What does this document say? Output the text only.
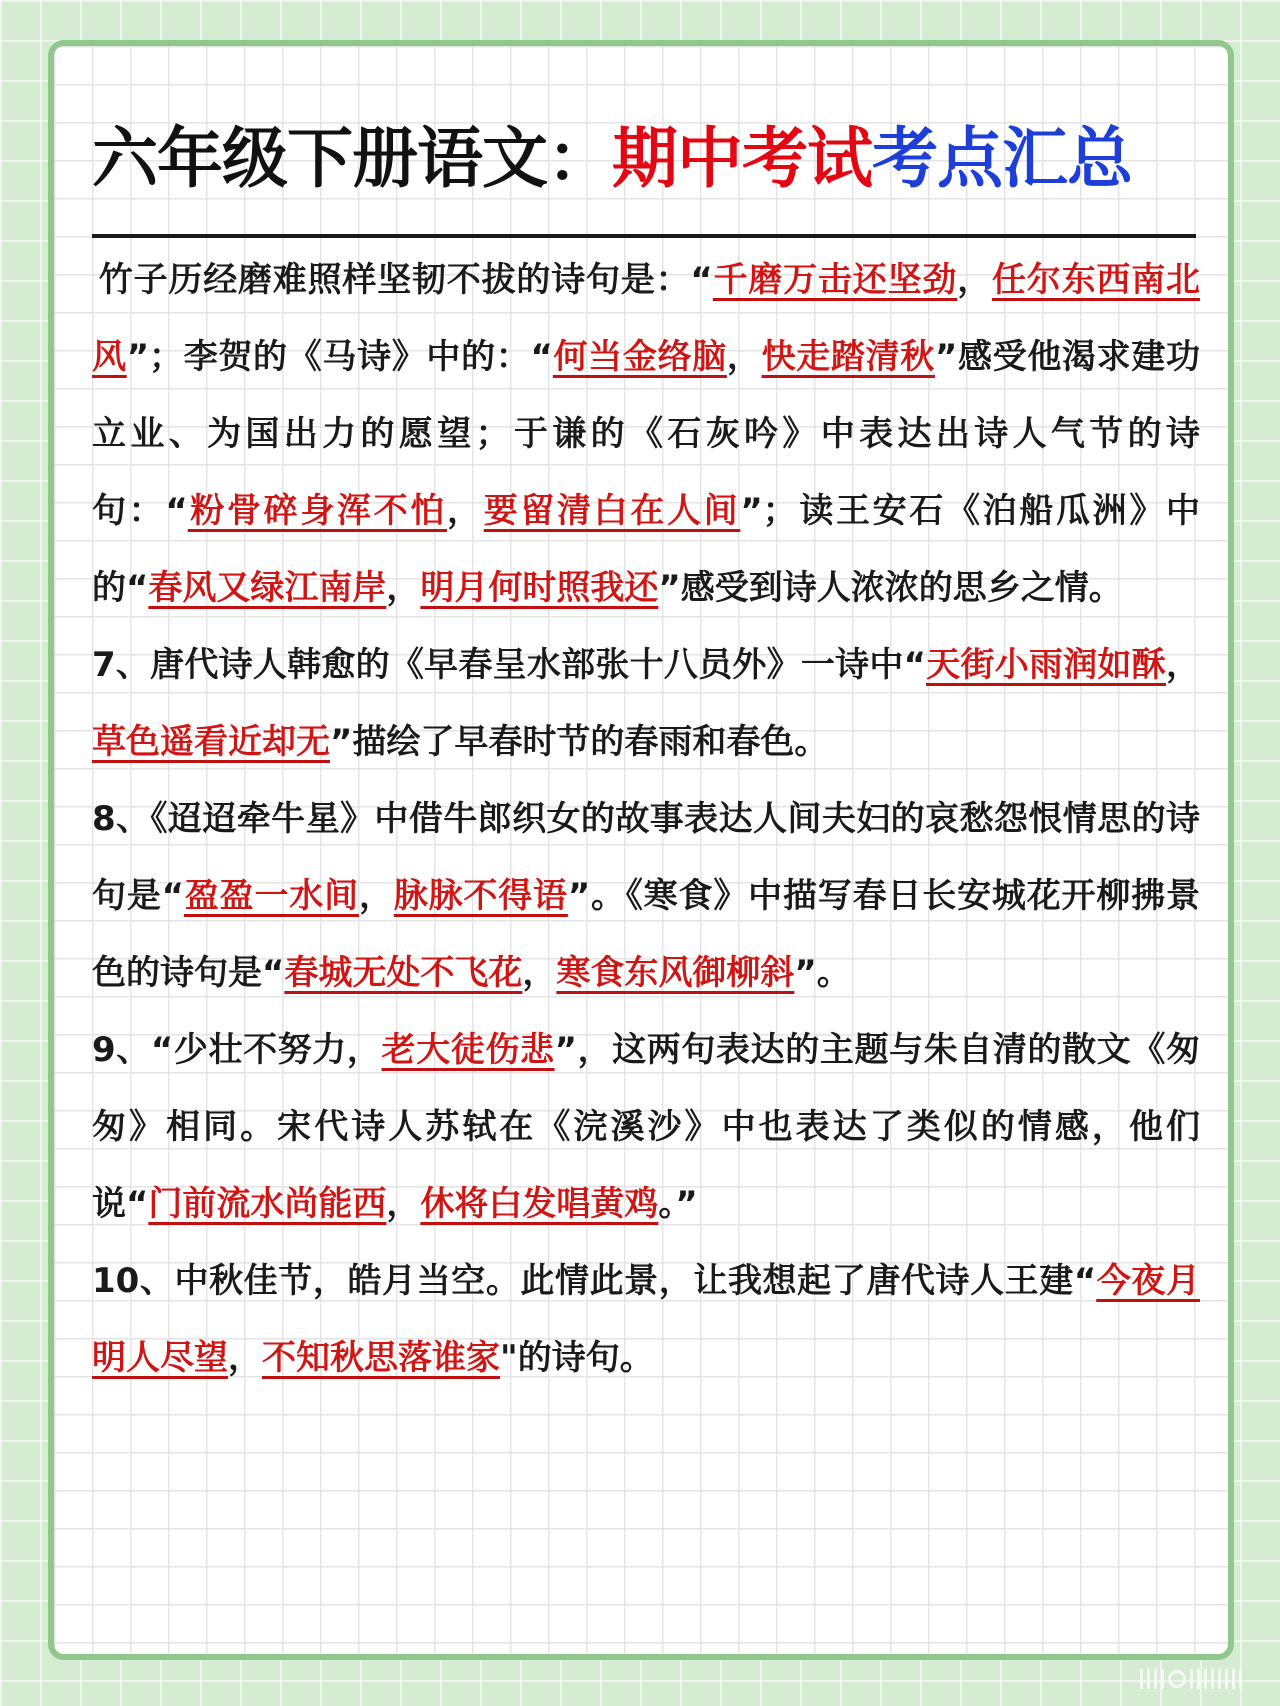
六年级下册语文：期中考试考点汇总

竹子历经磨难照样坚韧不拔的诗句是：“千磨万击还坚劲，任尔东西南北风”；李贺的《马诗》中的：“何当金络脑，快走踏清秋”感受他渴求建功立业、为国出力的愿望；于谦的《石灰吟》中表达出诗人气节的诗句：“粉骨碎身浑不怕，要留清白在人间”；读王安石《泊船瓜洲》中的“春风又绿江南岸，明月何时照我还”感受到诗人浓浓的思乡之情。

7、唐代诗人韩愈的《早春呈水部张十八员外》一诗中“天街小雨润如酥，草色遥看近却无”描绘了早春时节的春雨和春色。

8、《迢迢牵牛星》中借牛郎织女的故事表达人间夫妇的哀愁怨恨情思的诗句是“盈盈一水间，脉脉不得语”。《寒食》中描写春日长安城花开柳拂景色的诗句是“春城无处不飞花，寒食东风御柳斜”。

9、“少壮不努力，老大徒伤悲”，这两句表达的主题与朱自清的散文《匆匆》相同。宋代诗人苏轼在《浣溪沙》中也表达了类似的情感，他们说“门前流水尚能西，休将白发唱黄鸡。”

10、中秋佳节，皓月当空。此情此景，让我想起了唐代诗人王建“今夜月明人尽望，不知秋思落谁家"的诗句。
